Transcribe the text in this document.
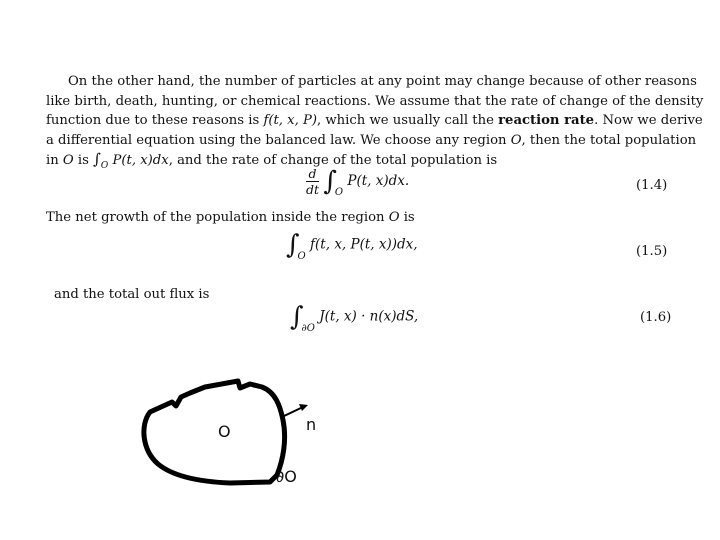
On the other hand, the number of particles at any point may change because of other reasons

like birth, death, hunting, or chemical reactions. We assume that the rate of change of the density

function due to these reasons is f(t, x, P), which we usually call the reaction rate. Now we derive

a differential equation using the balanced law. We choose any region O, then the total population

in O is $\int_O$ P(t, x)dx, and the rate of change of the total population is

$\frac{d}{dt} \int_O$ P(t, x)dx.	(1.4)
The net growth of the population inside the region O is
$\int_O$ f(t, x, P(t, x))dx,	(1.5)
and the total out flux is
$\int_{\partial O}$ J(t, x) · n(x)dS,	(1.6)
O	n
∂O
